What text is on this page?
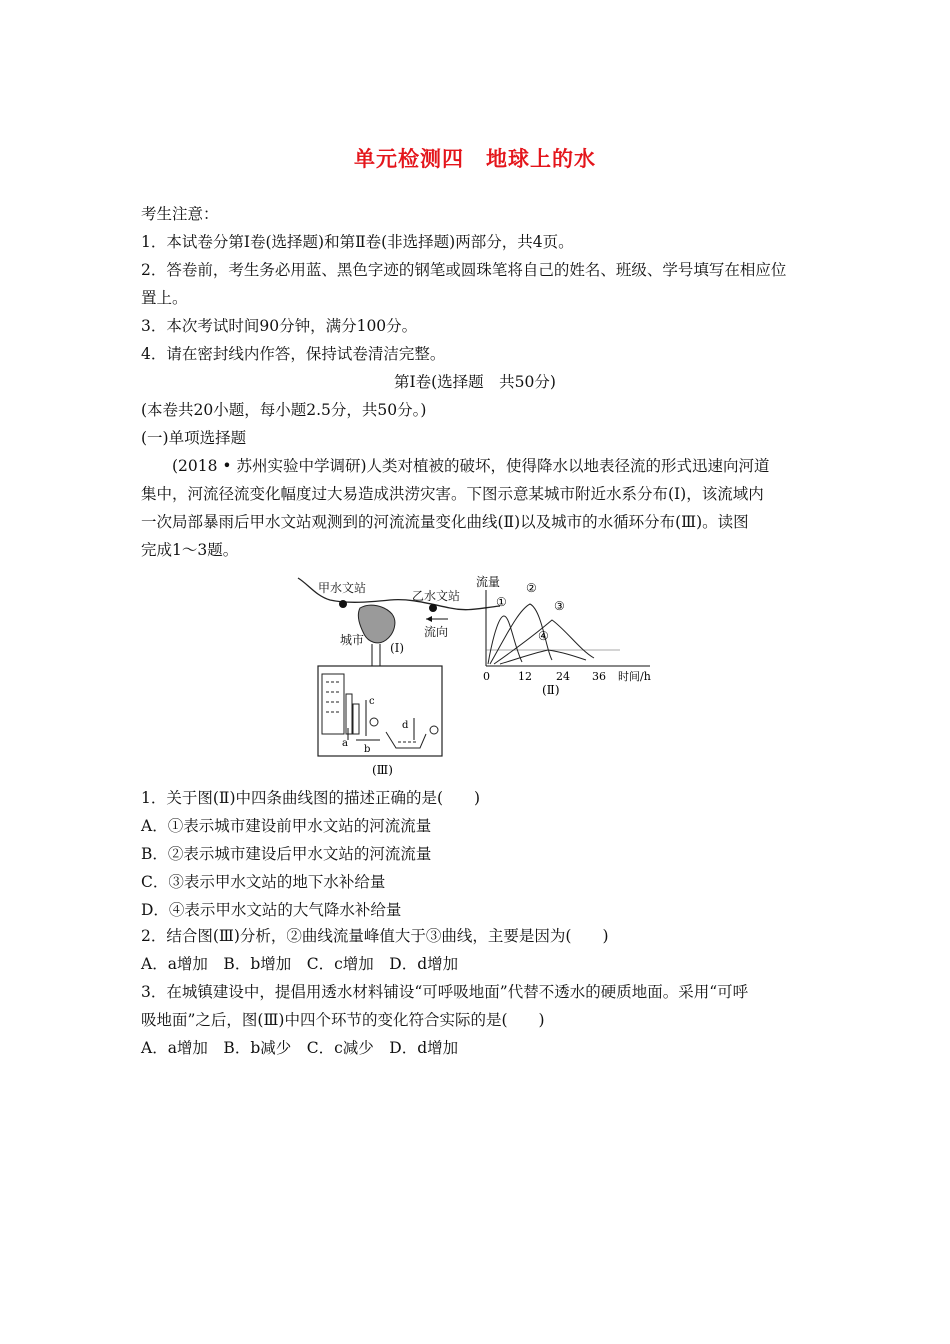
单元检测四　地球上的水
考生注意：
1．本试卷分第Ⅰ卷(选择题)和第Ⅱ卷(非选择题)两部分，共4页。
2．答卷前，考生务必用蓝、黑色字迹的钢笔或圆珠笔将自己的姓名、班级、学号填写在相应位
置上。
3．本次考试时间90分钟，满分100分。
4．请在密封线内作答，保持试卷清洁完整。
第Ⅰ卷(选择题　共50分)
(本卷共20小题，每小题2.5分，共50分。)
(一)单项选择题
(2018 • 苏州实验中学调研)人类对植被的破坏，使得降水以地表径流的形式迅速向河道
集中，河流径流变化幅度过大易造成洪涝灾害。下图示意某城市附近水系分布(Ⅰ)，该流域内
一次局部暴雨后甲水文站观测到的河流流量变化曲线(Ⅱ)以及城市的水循环分布(Ⅲ)。读图
完成1～3题。
甲水文站
乙水文站
城市
流向
(Ⅰ)
a
b
c
d
(Ⅲ)
流量
时间/h
0	12 24 36
①
②
③
④
(Ⅱ)
1．关于图(Ⅱ)中四条曲线图的描述正确的是(　　)
A．①表示城市建设前甲水文站的河流流量
B．②表示城市建设后甲水文站的河流流量
C．③表示甲水文站的地下水补给量
D．④表示甲水文站的大气降水补给量
2．结合图(Ⅲ)分析，②曲线流量峰值大于③曲线，主要是因为(　　)
A．a增加　B．b增加　C．c增加　D．d增加
3．在城镇建设中，提倡用透水材料铺设“可呼吸地面”代替不透水的硬质地面。采用“可呼
吸地面”之后，图(Ⅲ)中四个环节的变化符合实际的是(　　)
A．a增加　B．b减少　C．c减少　D．d增加
